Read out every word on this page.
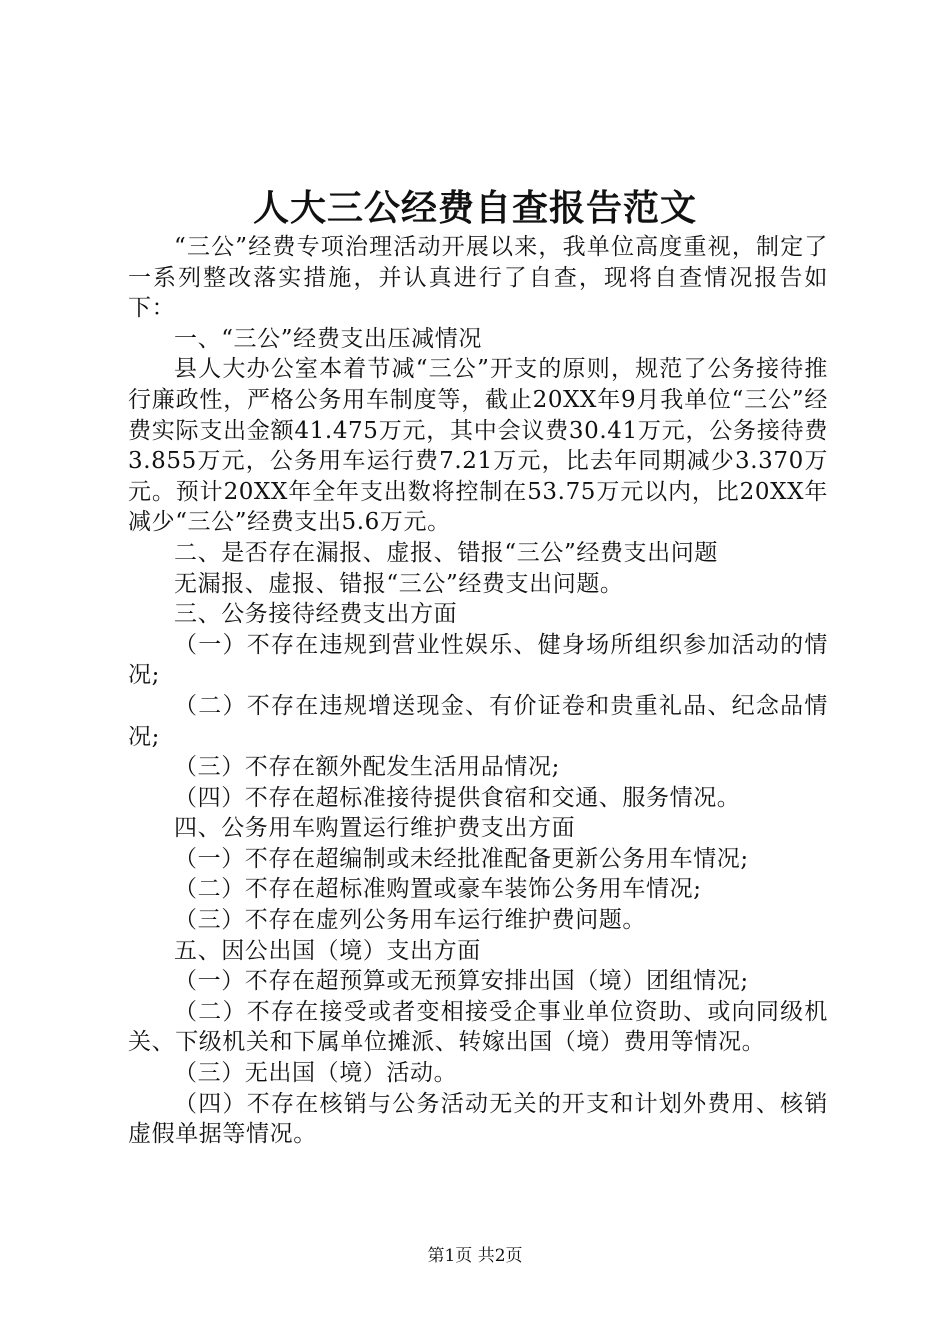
人大三公经费自查报告范文

“三公”经费专项治理活动开展以来，我单位高度重视，制定了一系列整改落实措施，并认真进行了自查，现将自查情况报告如下：

一、“三公”经费支出压减情况

县人大办公室本着节减“三公”开支的原则，规范了公务接待推行廉政性，严格公务用车制度等，截止20XX年9月我单位“三公”经费实际支出金额41.475万元，其中会议费30.41万元，公务接待费3.855万元，公务用车运行费7.21万元，比去年同期减少3.370万元。预计20XX年全年支出数将控制在53.75万元以内，比20XX年减少“三公”经费支出5.6万元。

二、是否存在漏报、虚报、错报“三公”经费支出问题

无漏报、虚报、错报“三公”经费支出问题。

三、公务接待经费支出方面

（一）不存在违规到营业性娱乐、健身场所组织参加活动的情况;

（二）不存在违规增送现金、有价证卷和贵重礼品、纪念品情况;

（三）不存在额外配发生活用品情况;

（四）不存在超标准接待提供食宿和交通、服务情况。

四、公务用车购置运行维护费支出方面

（一）不存在超编制或未经批准配备更新公务用车情况;

（二）不存在超标准购置或豪车装饰公务用车情况;

（三）不存在虚列公务用车运行维护费问题。

五、因公出国（境）支出方面

（一）不存在超预算或无预算安排出国（境）团组情况;

（二）不存在接受或者变相接受企事业单位资助、或向同级机关、下级机关和下属单位摊派、转嫁出国（境）费用等情况。

（三）无出国（境）活动。

（四）不存在核销与公务活动无关的开支和计划外费用、核销虚假单据等情况。

第1页 共2页
